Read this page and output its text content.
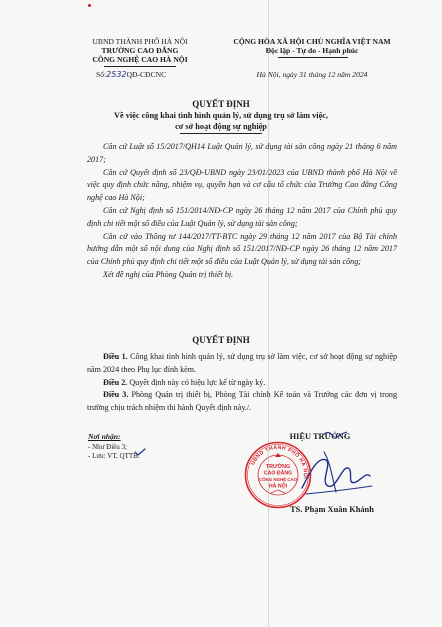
UBND THÀNH PHỐ HÀ NỘI
TRƯỜNG CAO ĐẲNG
CÔNG NGHỆ CAO HÀ NỘI
Số:2532QĐ-CĐCNC
CỘNG HÒA XÃ HỘI CHỦ NGHĨA VIỆT NAM
Độc lập - Tự do - Hạnh phúc
Hà Nội, ngày 31 tháng 12 năm 2024
QUYẾT ĐỊNH
Về việc công khai tình hình quản lý, sử dụng trụ sở làm việc,
cơ sở hoạt động sự nghiệp
Căn cứ Luật số 15/2017/QH14 Luật Quản lý, sử dụng tài sản công ngày 21 tháng 6 năm 2017;
Căn cứ Quyết định số 23/QĐ-UBND ngày 23/01/2023 của UBND thành phố Hà Nội về việc quy định chức năng, nhiệm vụ, quyền hạn và cơ cấu tổ chức của Trường Cao đẳng Công nghệ cao Hà Nội;
Căn cứ Nghị định số 151/2014/NĐ-CP ngày 26 tháng 12 năm 2017 của Chính phủ quy định chi tiết một số điều của Luật Quản lý, sử dụng tài sản công;
Căn cứ vào Thông tư 144/2017/TT-BTC ngày 29 tháng 12 năm 2017 của Bộ Tài chính hướng dẫn một số nội dung của Nghị định số 151/2017/NĐ-CP ngày 26 tháng 12 năm 2017 của Chính phủ quy định chi tiết một số điều của Luật Quản lý, sử dụng tài sản công;
Xét đề nghị của Phòng Quản trị thiết bị.
QUYẾT ĐỊNH
Điều 1. Công khai tình hình quản lý, sử dụng trụ sở làm việc, cơ sở hoạt động sự nghiệp năm 2024 theo Phụ lục đính kèm.
Điều 2. Quyết định này có hiệu lực kể từ ngày ký.
Điều 3. Phòng Quản trị thiết bị, Phòng Tài chính Kế toán và Trưởng các đơn vị trong trường chịu trách nhiệm thi hành Quyết định này./.
Nơi nhận:
- Như Điều 3;
- Lưu: VT, QTTB.
HIỆU TRƯỞNG
UBND THÀNH PHỐ HÀ NỘI
TRƯỜNG
CAO ĐẲNG
CÔNG NGHỆ CAO
HÀ NỘI
TS. Phạm Xuân Khánh
